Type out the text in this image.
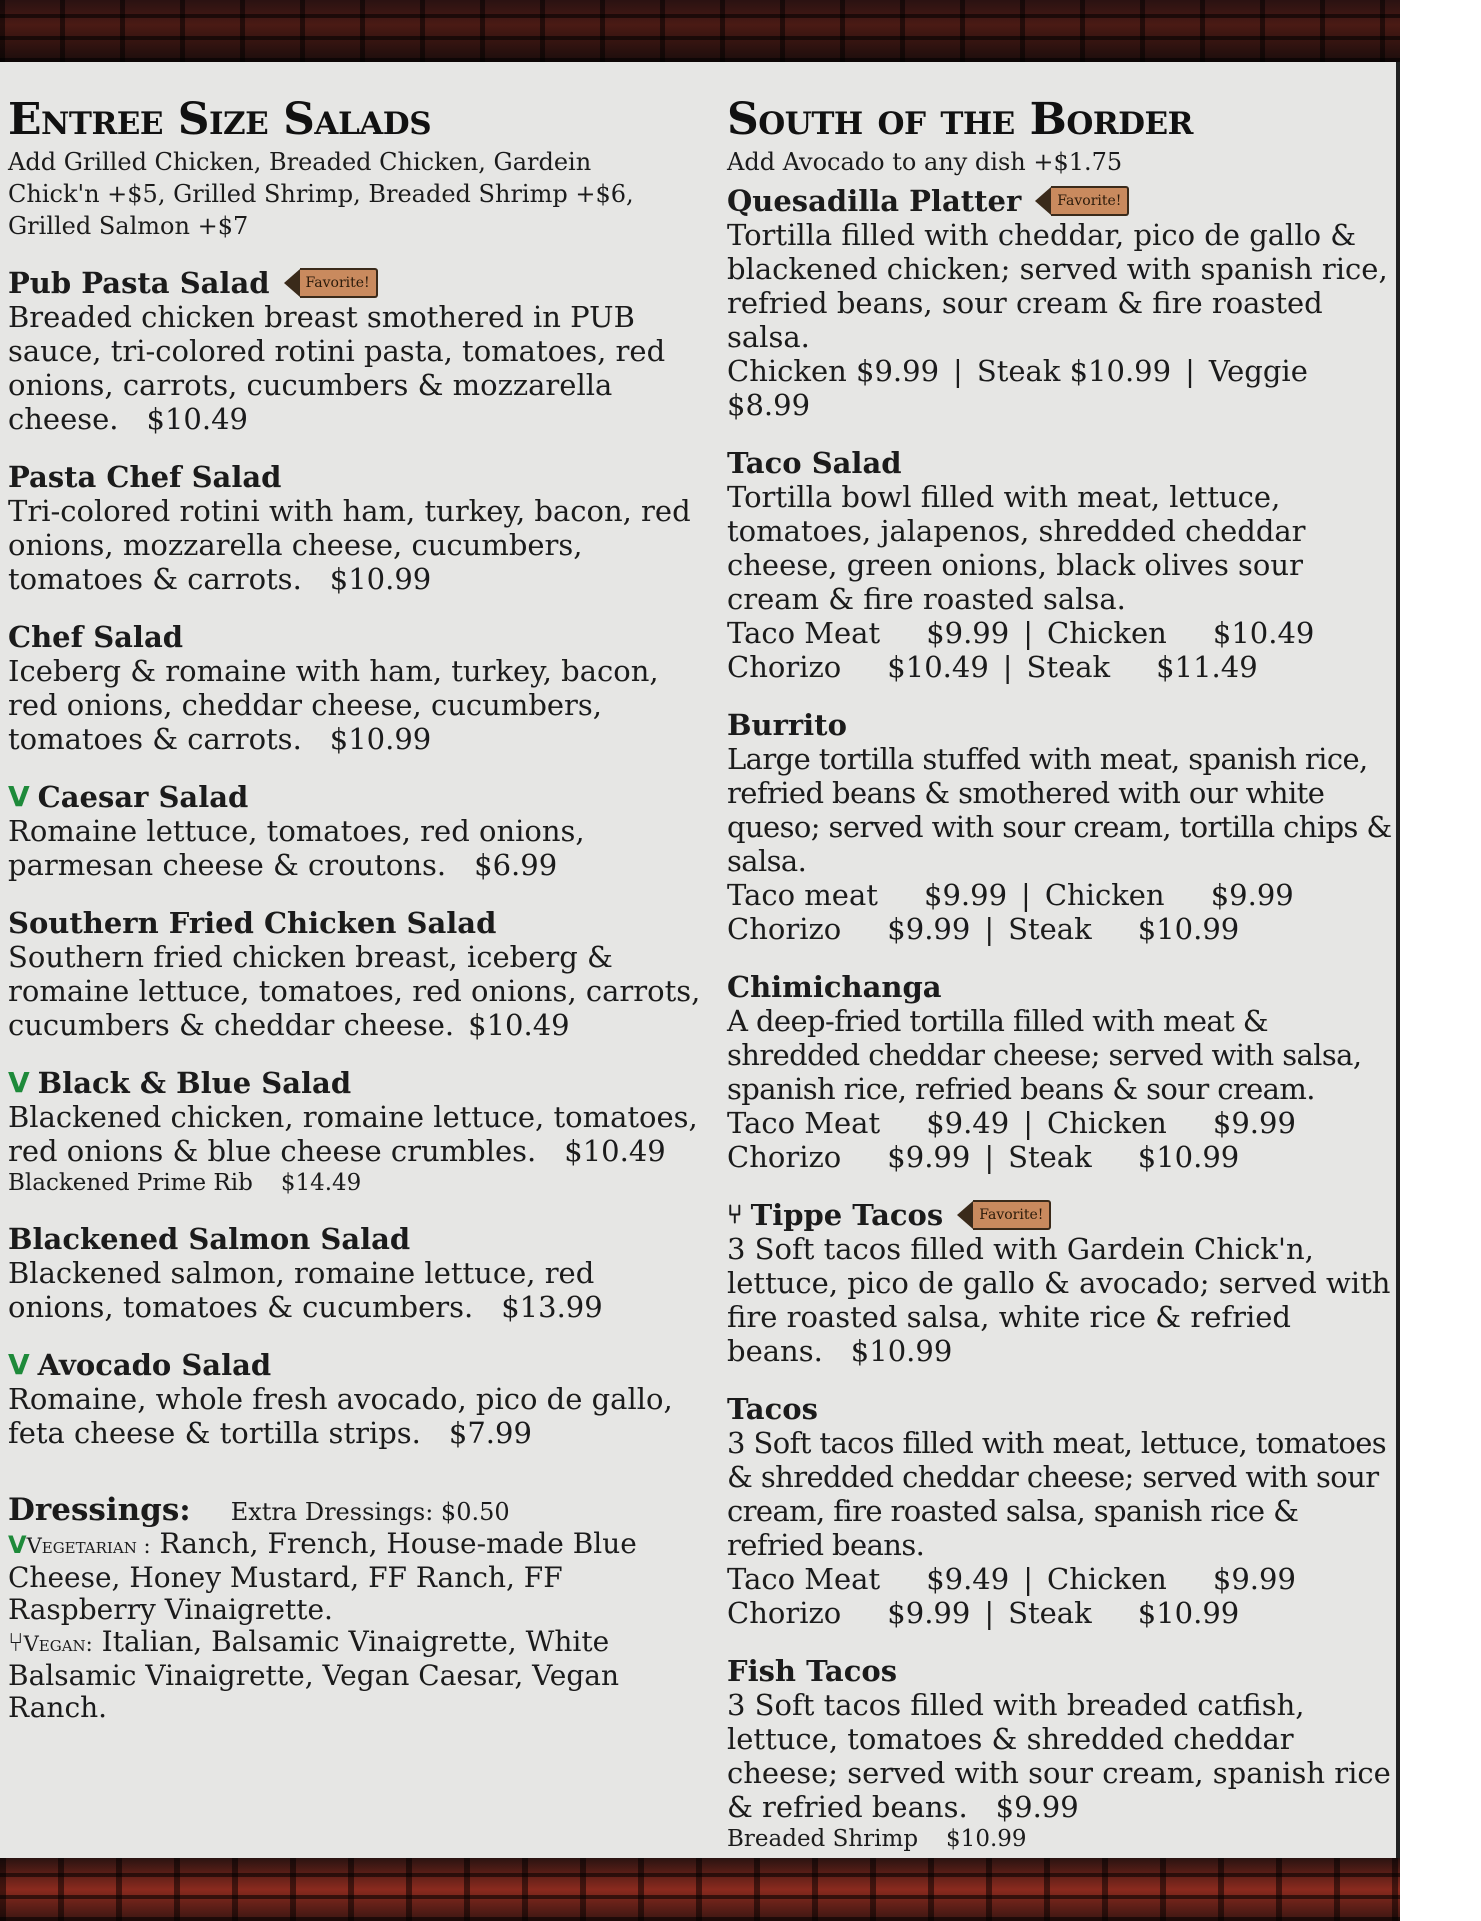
Entree Size Salads
Add Grilled Chicken, Breaded Chicken, Gardein Chick'n +$5, Grilled Shrimp, Breaded Shrimp +$6, Grilled Salmon +$7
Pub Pasta Salad	Favorite!
Breaded chicken breast smothered in PUB sauce, tri-colored rotini pasta, tomatoes, red onions, carrots, cucumbers & mozzarella cheese. $10.49
Pasta Chef Salad
Tri-colored rotini with ham, turkey, bacon, red onions, mozzarella cheese, cucumbers, tomatoes & carrots. $10.99
Chef Salad
Iceberg & romaine with ham, turkey, bacon, red onions, cheddar cheese, cucumbers, tomatoes & carrots. $10.99
V Caesar Salad
Romaine lettuce, tomatoes, red onions, parmesan cheese & croutons. $6.99
Southern Fried Chicken Salad
Southern fried chicken breast, iceberg & romaine lettuce, tomatoes, red onions, carrots, cucumbers & cheddar cheese. $10.49
V Black & Blue Salad
Blackened chicken, romaine lettuce, tomatoes, red onions & blue cheese crumbles. $10.49
Blackened Prime Rib $14.49
Blackened Salmon Salad
Blackened salmon, romaine lettuce, red onions, tomatoes & cucumbers. $13.99
V Avocado Salad
Romaine, whole fresh avocado, pico de gallo, feta cheese & tortilla strips. $7.99
Dressings: Extra Dressings: $0.50
VVegetarian : Ranch, French, House-made Blue Cheese, Honey Mustard, FF Ranch, FF Raspberry Vinaigrette.
⑂Vegan: Italian, Balsamic Vinaigrette, White Balsamic Vinaigrette, Vegan Caesar, Vegan Ranch.
South of the Border
Add Avocado to any dish +$1.75
Quesadilla Platter	Favorite!
Tortilla filled with cheddar, pico de gallo & blackened chicken; served with spanish rice, refried beans, sour cream & fire roasted salsa.
Chicken $9.99 | Steak $10.99 | Veggie $8.99
Taco Salad
Tortilla bowl filled with meat, lettuce, tomatoes, jalapenos, shredded cheddar cheese, green onions, black olives sour cream & fire roasted salsa.
Taco Meat     $9.99 | Chicken     $10.49
Chorizo     $10.49 | Steak     $11.49
Burrito
Large tortilla stuffed with meat, spanish rice, refried beans & smothered with our white queso; served with sour cream, tortilla chips & salsa.
Taco meat     $9.99 | Chicken     $9.99
Chorizo     $9.99 | Steak     $10.99
Chimichanga
A deep-fried tortilla filled with meat & shredded cheddar cheese; served with salsa, spanish rice, refried beans & sour cream.
Taco Meat     $9.49 | Chicken     $9.99
Chorizo     $9.99 | Steak     $10.99
⑂ Tippe Tacos	Favorite!
3 Soft tacos filled with Gardein Chick'n, lettuce, pico de gallo & avocado; served with fire roasted salsa, white rice & refried beans. $10.99
Tacos
3 Soft tacos filled with meat, lettuce, tomatoes & shredded cheddar cheese; served with sour cream, fire roasted salsa, spanish rice & refried beans.
Taco Meat     $9.49 | Chicken     $9.99
Chorizo     $9.99 | Steak     $10.99
Fish Tacos
3 Soft tacos filled with breaded catfish, lettuce, tomatoes & shredded cheddar cheese; served with sour cream, spanish rice & refried beans. $9.99
Breaded Shrimp $10.99
